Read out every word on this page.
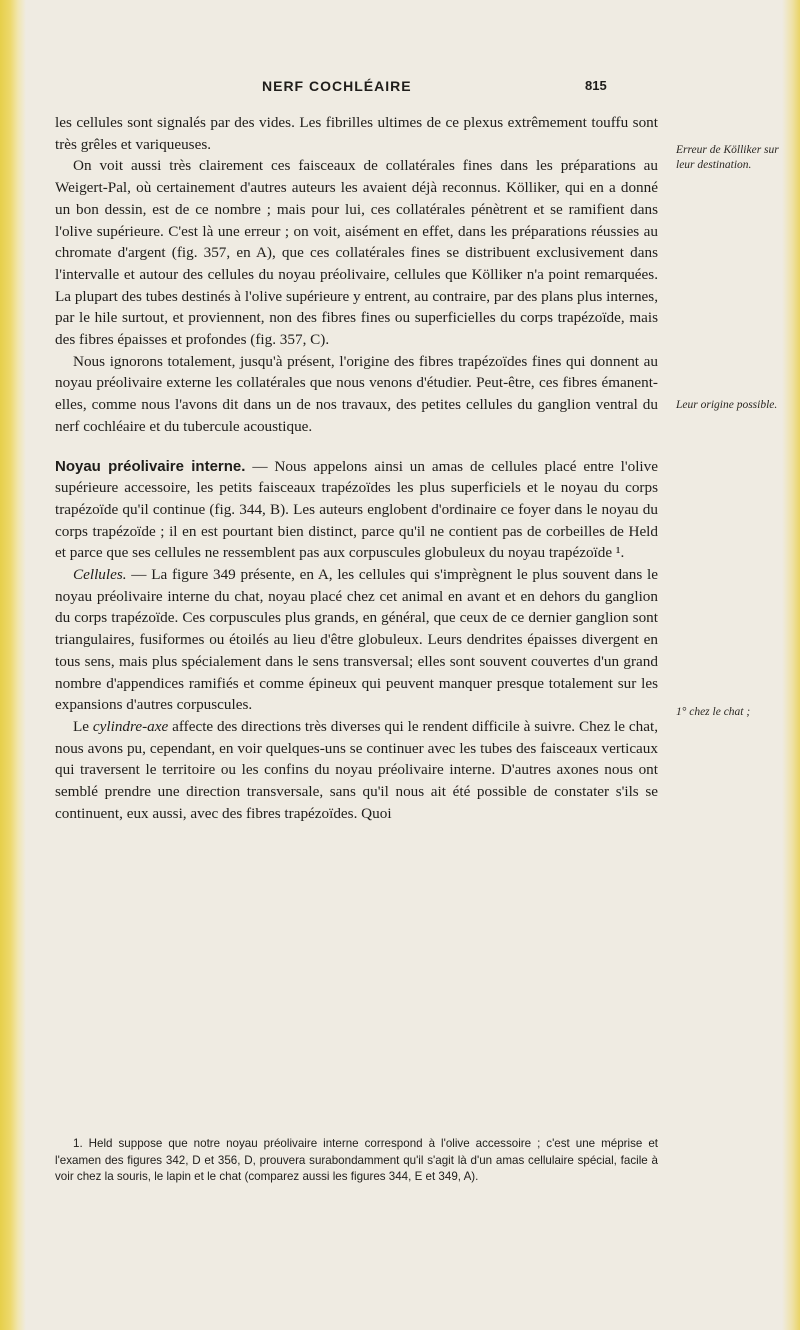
NERF COCHLÉAIRE	815

les cellules sont signalés par des vides. Les fibrilles ultimes de ce plexus extrêmement touffu sont très grêles et variqueuses.

On voit aussi très clairement ces faisceaux de collatérales fines dans les préparations au Weigert-Pal, où certainement d'autres auteurs les avaient déjà reconnus. Kölliker, qui en a donné un bon dessin, est de ce nombre ; mais pour lui, ces collatérales pénètrent et se ramifient dans l'olive supérieure. C'est là une erreur ; on voit, aisément en effet, dans les préparations réussies au chromate d'argent (fig. 357, en A), que ces collatérales fines se distribuent exclusivement dans l'intervalle et autour des cellules du noyau préolivaire, cellules que Kölliker n'a point remarquées. La plupart des tubes destinés à l'olive supérieure y entrent, au contraire, par des plans plus internes, par le hile surtout, et proviennent, non des fibres fines ou superficielles du corps trapézoïde, mais des fibres épaisses et profondes (fig. 357, C).

Nous ignorons totalement, jusqu'à présent, l'origine des fibres trapézoïdes fines qui donnent au noyau préolivaire externe les collatérales que nous venons d'étudier. Peut-être, ces fibres émanent-elles, comme nous l'avons dit dans un de nos travaux, des petites cellules du ganglion ventral du nerf cochléaire et du tubercule acoustique.

Noyau préolivaire interne. — Nous appelons ainsi un amas de cellules placé entre l'olive supérieure accessoire, les petits faisceaux trapézoïdes les plus superficiels et le noyau du corps trapézoïde qu'il continue (fig. 344, B). Les auteurs englobent d'ordinaire ce foyer dans le noyau du corps trapézoïde ; il en est pourtant bien distinct, parce qu'il ne contient pas de corbeilles de Held et parce que ses cellules ne ressemblent pas aux corpuscules globuleux du noyau trapézoïde ¹.

Cellules. — La figure 349 présente, en A, les cellules qui s'imprègnent le plus souvent dans le noyau préolivaire interne du chat, noyau placé chez cet animal en avant et en dehors du ganglion du corps trapézoïde. Ces corpuscules plus grands, en général, que ceux de ce dernier ganglion sont triangulaires, fusiformes ou étoilés au lieu d'être globuleux. Leurs dendrites épaisses divergent en tous sens, mais plus spécialement dans le sens transversal; elles sont souvent couvertes d'un grand nombre d'appendices ramifiés et comme épineux qui peuvent manquer presque totalement sur les expansions d'autres corpuscules.

Le cylindre-axe affecte des directions très diverses qui le rendent difficile à suivre. Chez le chat, nous avons pu, cependant, en voir quelques-uns se continuer avec les tubes des faisceaux verticaux qui traversent le territoire ou les confins du noyau préolivaire interne. D'autres axones nous ont semblé prendre une direction transversale, sans qu'il nous ait été possible de constater s'ils se continuent, eux aussi, avec des fibres trapézoïdes. Quoi

Erreur de Kölliker sur leur destination.
Leur origine possible.
1° chez le chat ;

1. Held suppose que notre noyau préolivaire interne correspond à l'olive accessoire ; c'est une méprise et l'examen des figures 342, D et 356, D, prouvera surabondamment qu'il s'agit là d'un amas cellulaire spécial, facile à voir chez la souris, le lapin et le chat (comparez aussi les figures 344, E et 349, A).
